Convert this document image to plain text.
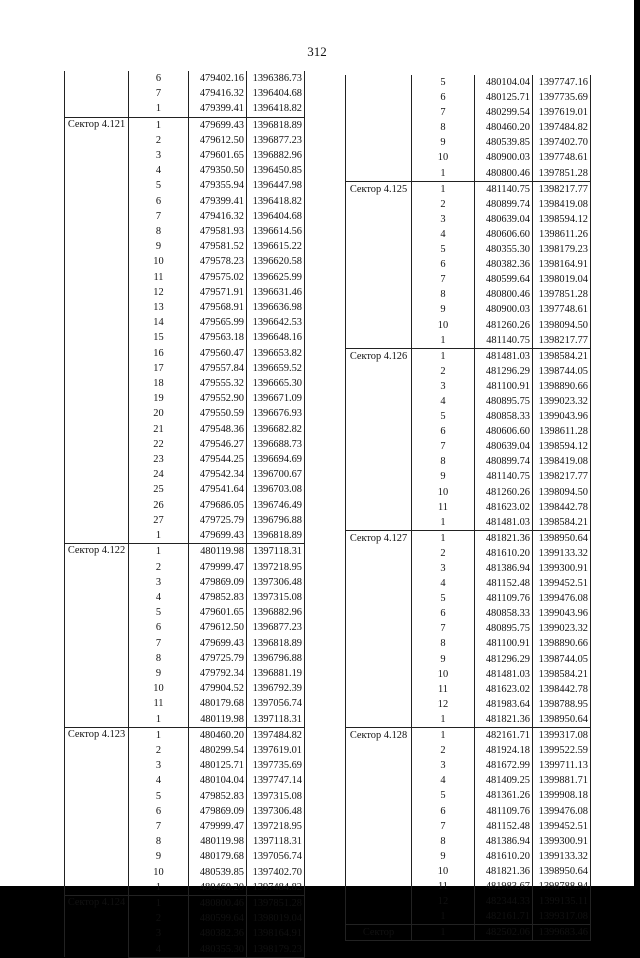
312
	6	479402.16	1396386.73
	7	479416.32	1396404.68
	1	479399.41	1396418.82
Сектор 4.121	1	479699.43	1396818.89
	2	479612.50	1396877.23
	3	479601.65	1396882.96
	4	479350.50	1396450.85
	5	479355.94	1396447.98
	6	479399.41	1396418.82
	7	479416.32	1396404.68
	8	479581.93	1396614.56
	9	479581.52	1396615.22
	10	479578.23	1396620.58
	11	479575.02	1396625.99
	12	479571.91	1396631.46
	13	479568.91	1396636.98
	14	479565.99	1396642.53
	15	479563.18	1396648.16
	16	479560.47	1396653.82
	17	479557.84	1396659.52
	18	479555.32	1396665.30
	19	479552.90	1396671.09
	20	479550.59	1396676.93
	21	479548.36	1396682.82
	22	479546.27	1396688.73
	23	479544.25	1396694.69
	24	479542.34	1396700.67
	25	479541.64	1396703.08
	26	479686.05	1396746.49
	27	479725.79	1396796.88
	1	479699.43	1396818.89
Сектор 4.122	1	480119.98	1397118.31
	2	479999.47	1397218.95
	3	479869.09	1397306.48
	4	479852.83	1397315.08
	5	479601.65	1396882.96
	6	479612.50	1396877.23
	7	479699.43	1396818.89
	8	479725.79	1396796.88
	9	479792.34	1396881.19
	10	479904.52	1396792.39
	11	480179.68	1397056.74
	1	480119.98	1397118.31
Сектор 4.123	1	480460.20	1397484.82
	2	480299.54	1397619.01
	3	480125.71	1397735.69
	4	480104.04	1397747.14
	5	479852.83	1397315.08
	6	479869.09	1397306.48
	7	479999.47	1397218.95
	8	480119.98	1397118.31
	9	480179.68	1397056.74
	10	480539.85	1397402.70
	1	480460.20	1397484.82
Сектор 4.124	1	480800.46	1397851.28
	2	480599.64	1398019.04
	3	480382.36	1398164.91
	4	480355.30	1398179.23
	5	480104.04	1397747.16
	6	480125.71	1397735.69
	7	480299.54	1397619.01
	8	480460.20	1397484.82
	9	480539.85	1397402.70
	10	480900.03	1397748.61
	1	480800.46	1397851.28
Сектор 4.125	1	481140.75	1398217.77
	2	480899.74	1398419.08
	3	480639.04	1398594.12
	4	480606.60	1398611.26
	5	480355.30	1398179.23
	6	480382.36	1398164.91
	7	480599.64	1398019.04
	8	480800.46	1397851.28
	9	480900.03	1397748.61
	10	481260.26	1398094.50
	1	481140.75	1398217.77
Сектор 4.126	1	481481.03	1398584.21
	2	481296.29	1398744.05
	3	481100.91	1398890.66
	4	480895.75	1399023.32
	5	480858.33	1399043.96
	6	480606.60	1398611.28
	7	480639.04	1398594.12
	8	480899.74	1398419.08
	9	481140.75	1398217.77
	10	481260.26	1398094.50
	11	481623.02	1398442.78
	1	481481.03	1398584.21
Сектор 4.127	1	481821.36	1398950.64
	2	481610.20	1399133.32
	3	481386.94	1399300.91
	4	481152.48	1399452.51
	5	481109.76	1399476.08
	6	480858.33	1399043.96
	7	480895.75	1399023.32
	8	481100.91	1398890.66
	9	481296.29	1398744.05
	10	481481.03	1398584.21
	11	481623.02	1398442.78
	12	481983.64	1398788.95
	1	481821.36	1398950.64
Сектор 4.128	1	482161.71	1399317.08
	2	481924.18	1399522.59
	3	481672.99	1399711.13
	4	481409.25	1399881.71
	5	481361.26	1399908.18
	6	481109.76	1399476.08
	7	481152.48	1399452.51
	8	481386.94	1399300.91
	9	481610.20	1399133.32
	10	481821.36	1398950.64
	11	481983.67	1398788.94
	12	482344.33	1399135.11
	1	482161.71	1399317.08
Сектор	1	482502.06	1399683.46
